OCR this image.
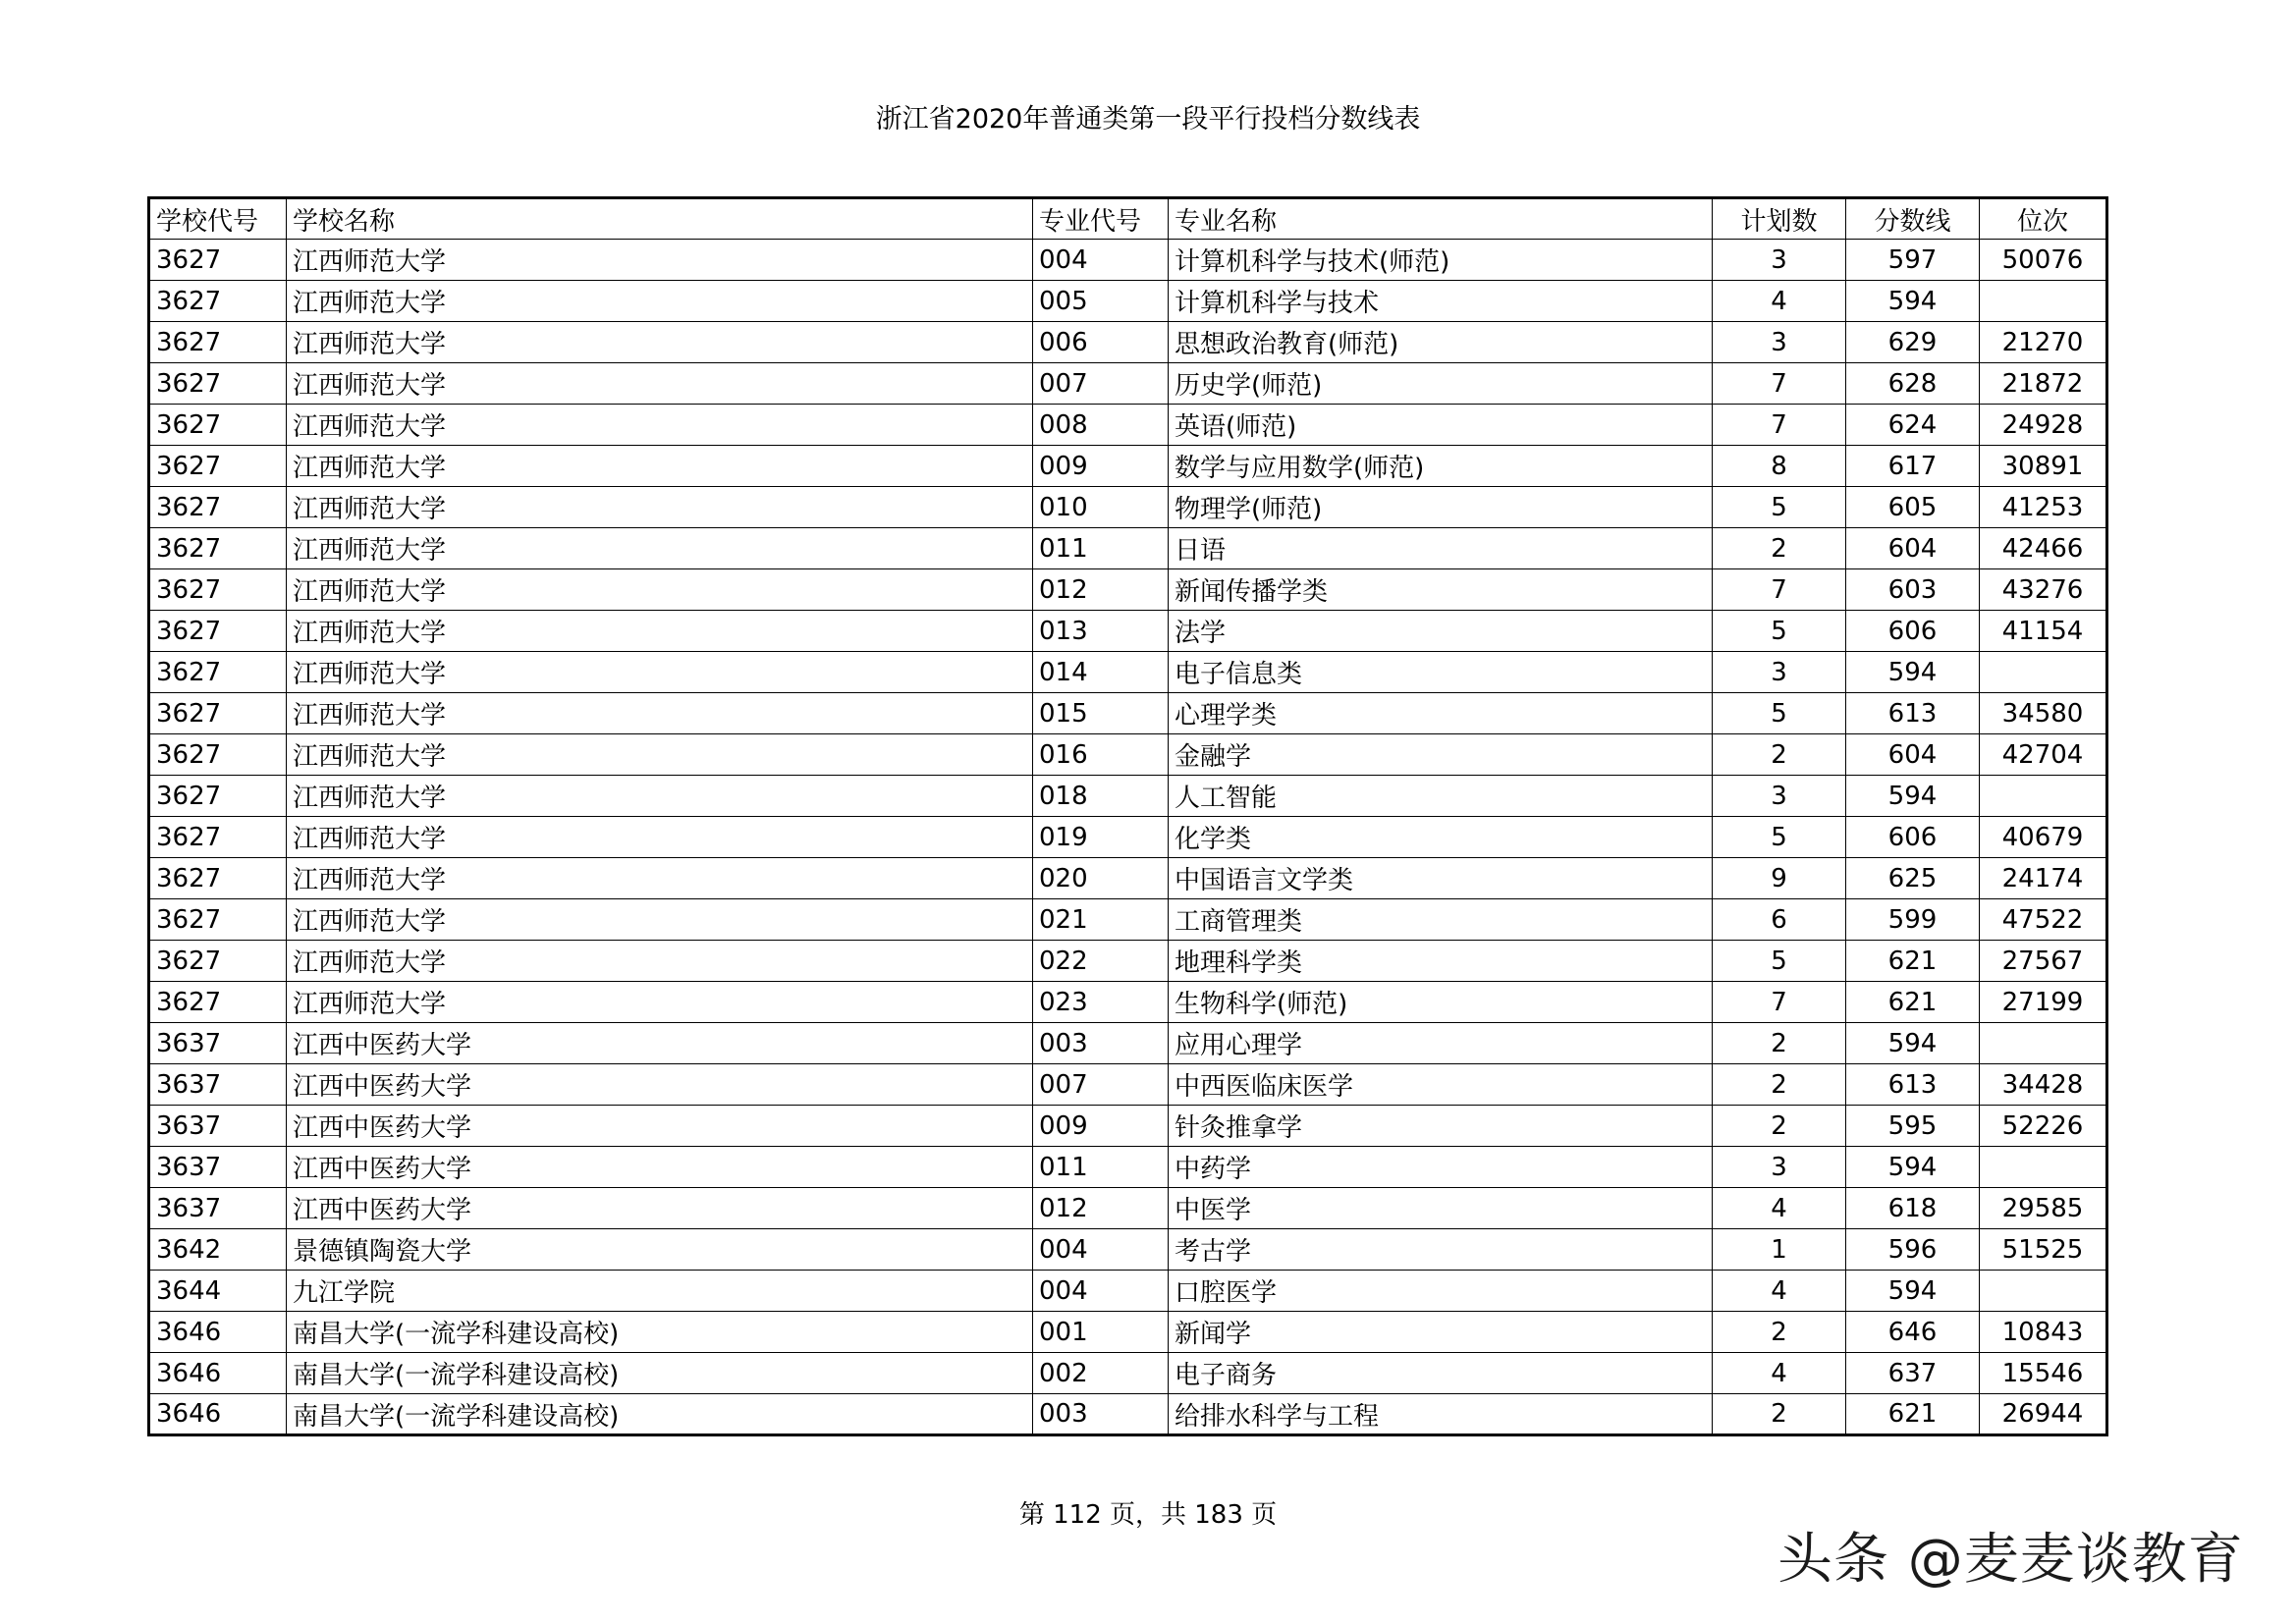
浙江省2020年普通类第一段平行投档分数线表
学校代号	学校名称	专业代号	专业名称	计划数	分数线	位次
3627	江西师范大学	004	计算机科学与技术(师范)	3	597	50076
3627	江西师范大学	005	计算机科学与技术	4	594	
3627	江西师范大学	006	思想政治教育(师范)	3	629	21270
3627	江西师范大学	007	历史学(师范)	7	628	21872
3627	江西师范大学	008	英语(师范)	7	624	24928
3627	江西师范大学	009	数学与应用数学(师范)	8	617	30891
3627	江西师范大学	010	物理学(师范)	5	605	41253
3627	江西师范大学	011	日语	2	604	42466
3627	江西师范大学	012	新闻传播学类	7	603	43276
3627	江西师范大学	013	法学	5	606	41154
3627	江西师范大学	014	电子信息类	3	594	
3627	江西师范大学	015	心理学类	5	613	34580
3627	江西师范大学	016	金融学	2	604	42704
3627	江西师范大学	018	人工智能	3	594	
3627	江西师范大学	019	化学类	5	606	40679
3627	江西师范大学	020	中国语言文学类	9	625	24174
3627	江西师范大学	021	工商管理类	6	599	47522
3627	江西师范大学	022	地理科学类	5	621	27567
3627	江西师范大学	023	生物科学(师范)	7	621	27199
3637	江西中医药大学	003	应用心理学	2	594	
3637	江西中医药大学	007	中西医临床医学	2	613	34428
3637	江西中医药大学	009	针灸推拿学	2	595	52226
3637	江西中医药大学	011	中药学	3	594	
3637	江西中医药大学	012	中医学	4	618	29585
3642	景德镇陶瓷大学	004	考古学	1	596	51525
3644	九江学院	004	口腔医学	4	594	
3646	南昌大学(一流学科建设高校)	001	新闻学	2	646	10843
3646	南昌大学(一流学科建设高校)	002	电子商务	4	637	15546
3646	南昌大学(一流学科建设高校)	003	给排水科学与工程	2	621	26944
第 112 页，共 183 页
头条 @麦麦谈教育
